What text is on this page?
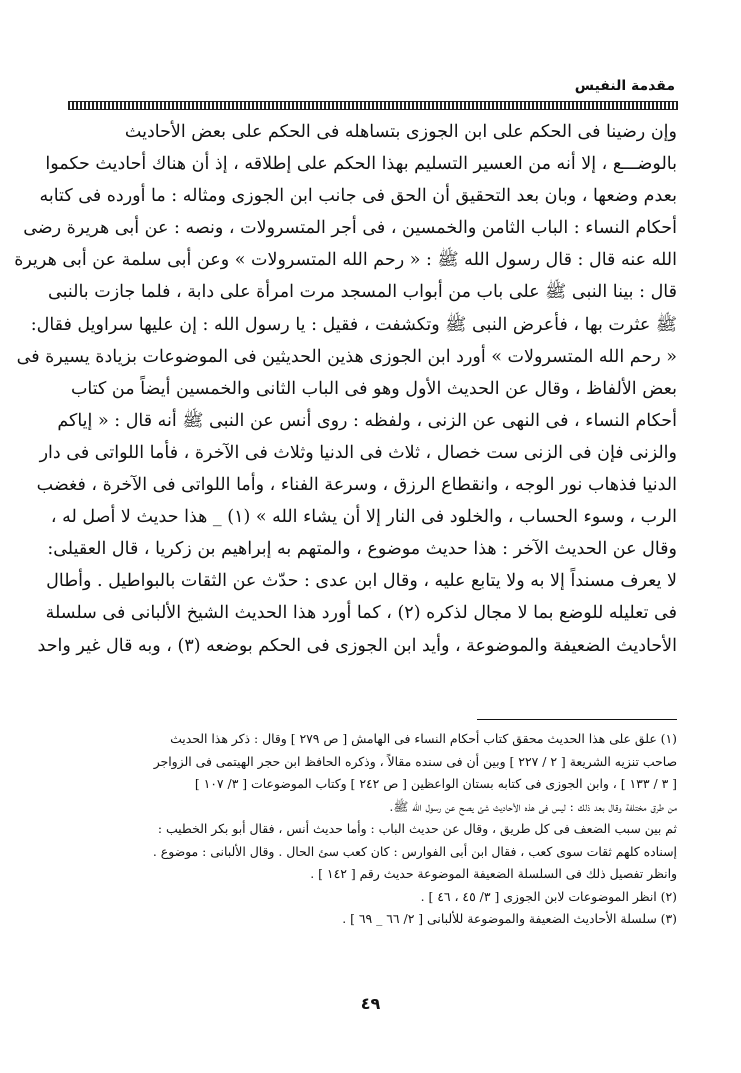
مقدمة النفيس
وإن رضينا فى الحكم على ابن الجوزى بتساهله فى الحكم على بعض الأحاديث
بالوضـــع ، إلا أنه من العسير التسليم بهذا الحكم على إطلاقه ، إذ أن هناك أحاديث حكموا
بعدم وضعها ، وبان بعد التحقيق أن الحق فى جانب ابن الجوزى ومثاله : ما أورده فى كتابه
أحكام النساء : الباب الثامن والخمسين ، فى أجر المتسرولات ، ونصه : عن أبى هريرة رضى
الله عنه قال : قال رسول الله ﷺ : « رحم الله المتسرولات » وعن أبى سلمة عن أبى هريرة
قال : بينا النبى ﷺ على باب من أبواب المسجد مرت امرأة على دابة ، فلما جازت بالنبى
ﷺ عثرت بها ، فأعرض النبى ﷺ وتكشفت ، فقيل : يا رسول الله : إن عليها سراويل فقال:
« رحم الله المتسرولات » أورد ابن الجوزى هذين الحديثين فى الموضوعات بزيادة يسيرة فى
بعض الألفاظ ، وقال عن الحديث الأول وهو فى الباب الثانى والخمسين أيضاً من كتاب
أحكام النساء ، فى النهى عن الزنى ، ولفظه : روى أنس عن النبى ﷺ أنه قال : « إياكم
والزنى فإن فى الزنى ست خصال ، ثلاث فى الدنيا وثلاث فى الآخرة ، فأما اللواتى فى دار
الدنيا فذهاب نور الوجه ، وانقطاع الرزق ، وسرعة الفناء ، وأما اللواتى فى الآخرة ، فغضب
الرب ، وسوء الحساب ، والخلود فى النار إلا أن يشاء الله » (١) _ هذا حديث لا أصل له ،
وقال عن الحديث الآخر : هذا حديث موضوع ، والمتهم به إبراهيم بن زكريا ، قال العقيلى:
لا يعرف مسنداً إلا به ولا يتابع عليه ، وقال ابن عدى : حدّث عن الثقات بالبواطيل . وأطال
فى تعليله للوضع بما لا مجال لذكره (٢) ، كما أورد هذا الحديث الشيخ الألبانى فى سلسلة
الأحاديث الضعيفة والموضوعة ، وأيد ابن الجوزى فى الحكم بوضعه (٣) ، وبه قال غير واحد
(١) علق على هذا الحديث محقق كتاب أحكام النساء فى الهامش [ ص ٢٧٩ ] وقال : ذكر هذا الحديث
صاحب تنزيه الشريعة [ ٢ / ٢٢٧ ] وبين أن فى سنده مقالاً ، وذكره الحافظ ابن حجر الهيتمى فى الزواجر
[ ٣ / ١٣٣ ] ، وابن الجوزى فى كتابه بستان الواعظين [ ص ٢٤٢ ] وكتاب الموضوعات [ ٣/ ١٠٧ ]
من طرق مختلفة وقال بعد ذلك : ليس فى هذه الأحاديث شئ يصح عن رسول الله ﷺ.
ثم بين سبب الضعف فى كل طريق ، وقال عن حديث الباب : وأما حديث أنس ، فقال أبو بكر الخطيب :
إسناده كلهم ثقات سوى كعب ، فقال ابن أبى الفوارس : كان كعب سئ الحال . وقال الألبانى : موضوع .
وانظر تفصيل ذلك فى السلسلة الضعيفة الموضوعة حديث رقم [ ١٤٢ ] .
(٢) انظر الموضوعات لابن الجوزى [ ٣/ ٤٥ ، ٤٦ ] .
(٣) سلسلة الأحاديث الضعيفة والموضوعة للألبانى [ ٢/ ٦٦ _ ٦٩ ] .
٤٩
